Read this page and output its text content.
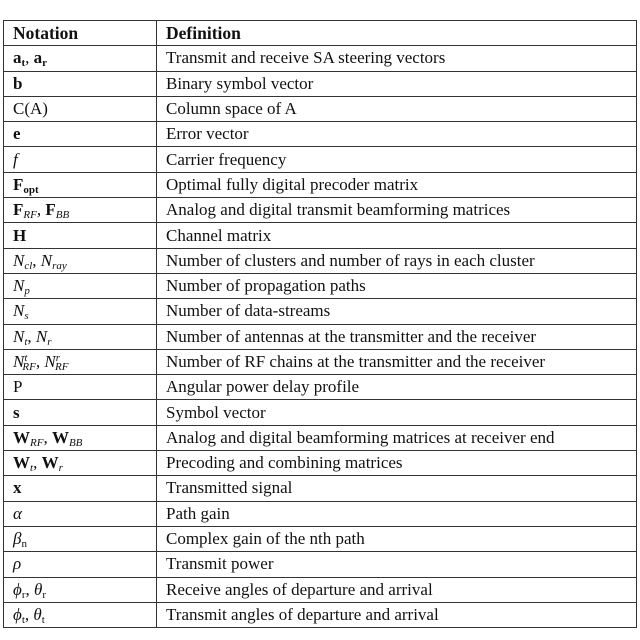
Notation	Definition
$a_t$, $a_r$	Transmit and receive SA steering vectors
b	Binary symbol vector
C(A)	Column space of A
e	Error vector
f	Carrier frequency
$F_{opt}$	Optimal fully digital precoder matrix
$F_{RF}$, $F_{BB}$	Analog and digital transmit beamforming matrices
H	Channel matrix
$N_{cl}$, $N_{ray}$	Number of clusters and number of rays in each cluster
$N_p$	Number of propagation paths
$N_s$	Number of data-streams
$N_t$, $N_r$	Number of antennas at the transmitter and the receiver
$N^t_{RF}$, $N^r_{RF}$	Number of RF chains at the transmitter and the receiver
P	Angular power delay profile
s	Symbol vector
$W_{RF}$, $W_{BB}$	Analog and digital beamforming matrices at receiver end
$W_t$, $W_r$	Precoding and combining matrices
x	Transmitted signal
α	Path gain
$\beta_n$	Complex gain of the nth path
ρ	Transmit power
$\phi_r$, $\theta_r$	Receive angles of departure and arrival
$\phi_t$, $\theta_t$	Transmit angles of departure and arrival
